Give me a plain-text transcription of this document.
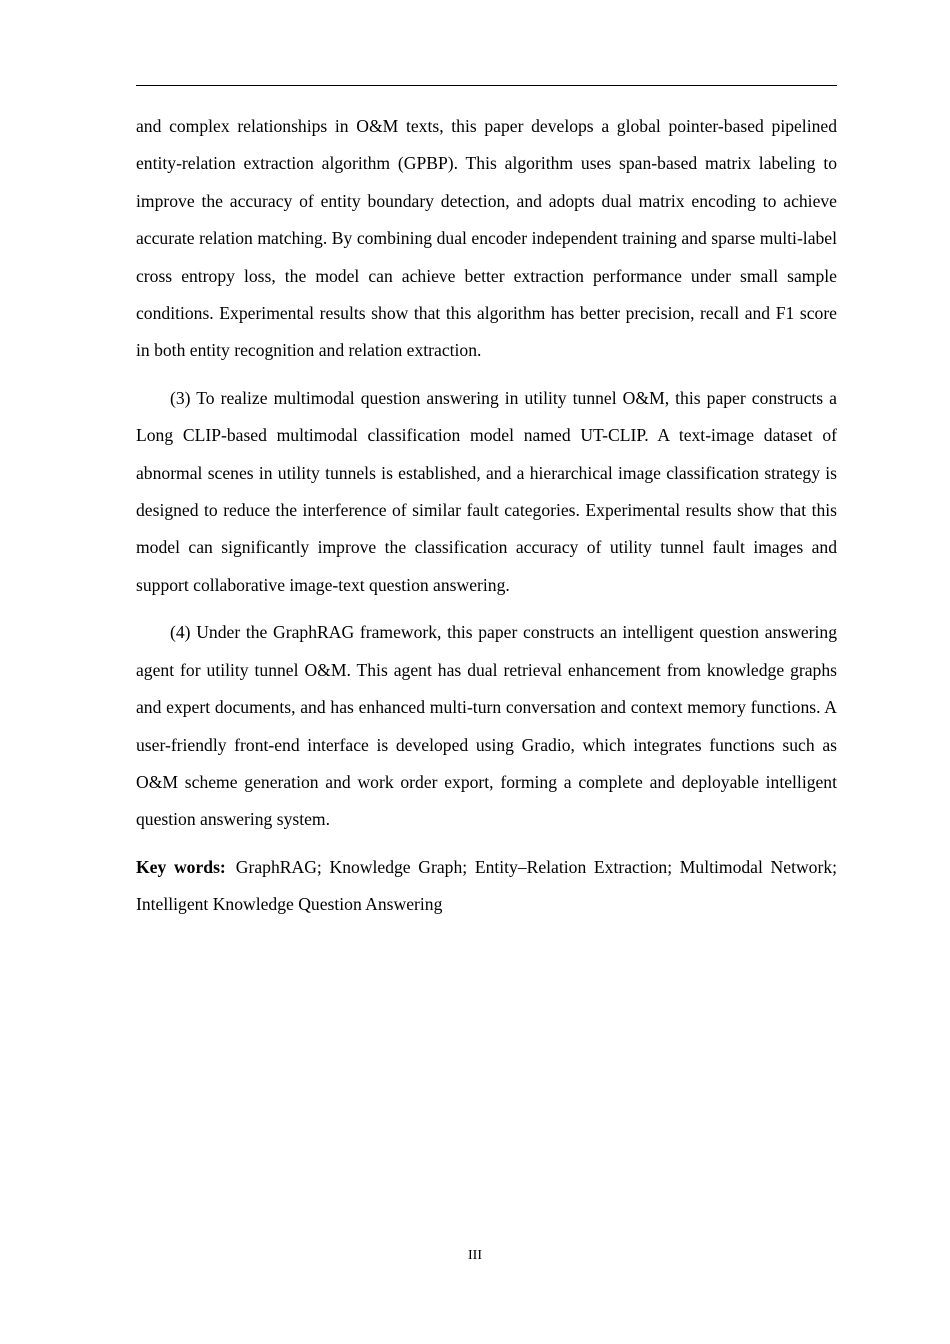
and complex relationships in O&M texts, this paper develops a global pointer-based pipelined entity-relation extraction algorithm (GPBP). This algorithm uses span-based matrix labeling to improve the accuracy of entity boundary detection, and adopts dual matrix encoding to achieve accurate relation matching. By combining dual encoder independent training and sparse multi-label cross entropy loss, the model can achieve better extraction performance under small sample conditions. Experimental results show that this algorithm has better precision, recall and F1 score in both entity recognition and relation extraction.

(3) To realize multimodal question answering in utility tunnel O&M, this paper constructs a Long CLIP-based multimodal classification model named UT-CLIP. A text-image dataset of abnormal scenes in utility tunnels is established, and a hierarchical image classification strategy is designed to reduce the interference of similar fault categories. Experimental results show that this model can significantly improve the classification accuracy of utility tunnel fault images and support collaborative image-text question answering.

(4) Under the GraphRAG framework, this paper constructs an intelligent question answering agent for utility tunnel O&M. This agent has dual retrieval enhancement from knowledge graphs and expert documents, and has enhanced multi-turn conversation and context memory functions. A user-friendly front-end interface is developed using Gradio, which integrates functions such as O&M scheme generation and work order export, forming a complete and deployable intelligent question answering system.

Key words: GraphRAG; Knowledge Graph; Entity–Relation Extraction; Multimodal Network; Intelligent Knowledge Question Answering

III
